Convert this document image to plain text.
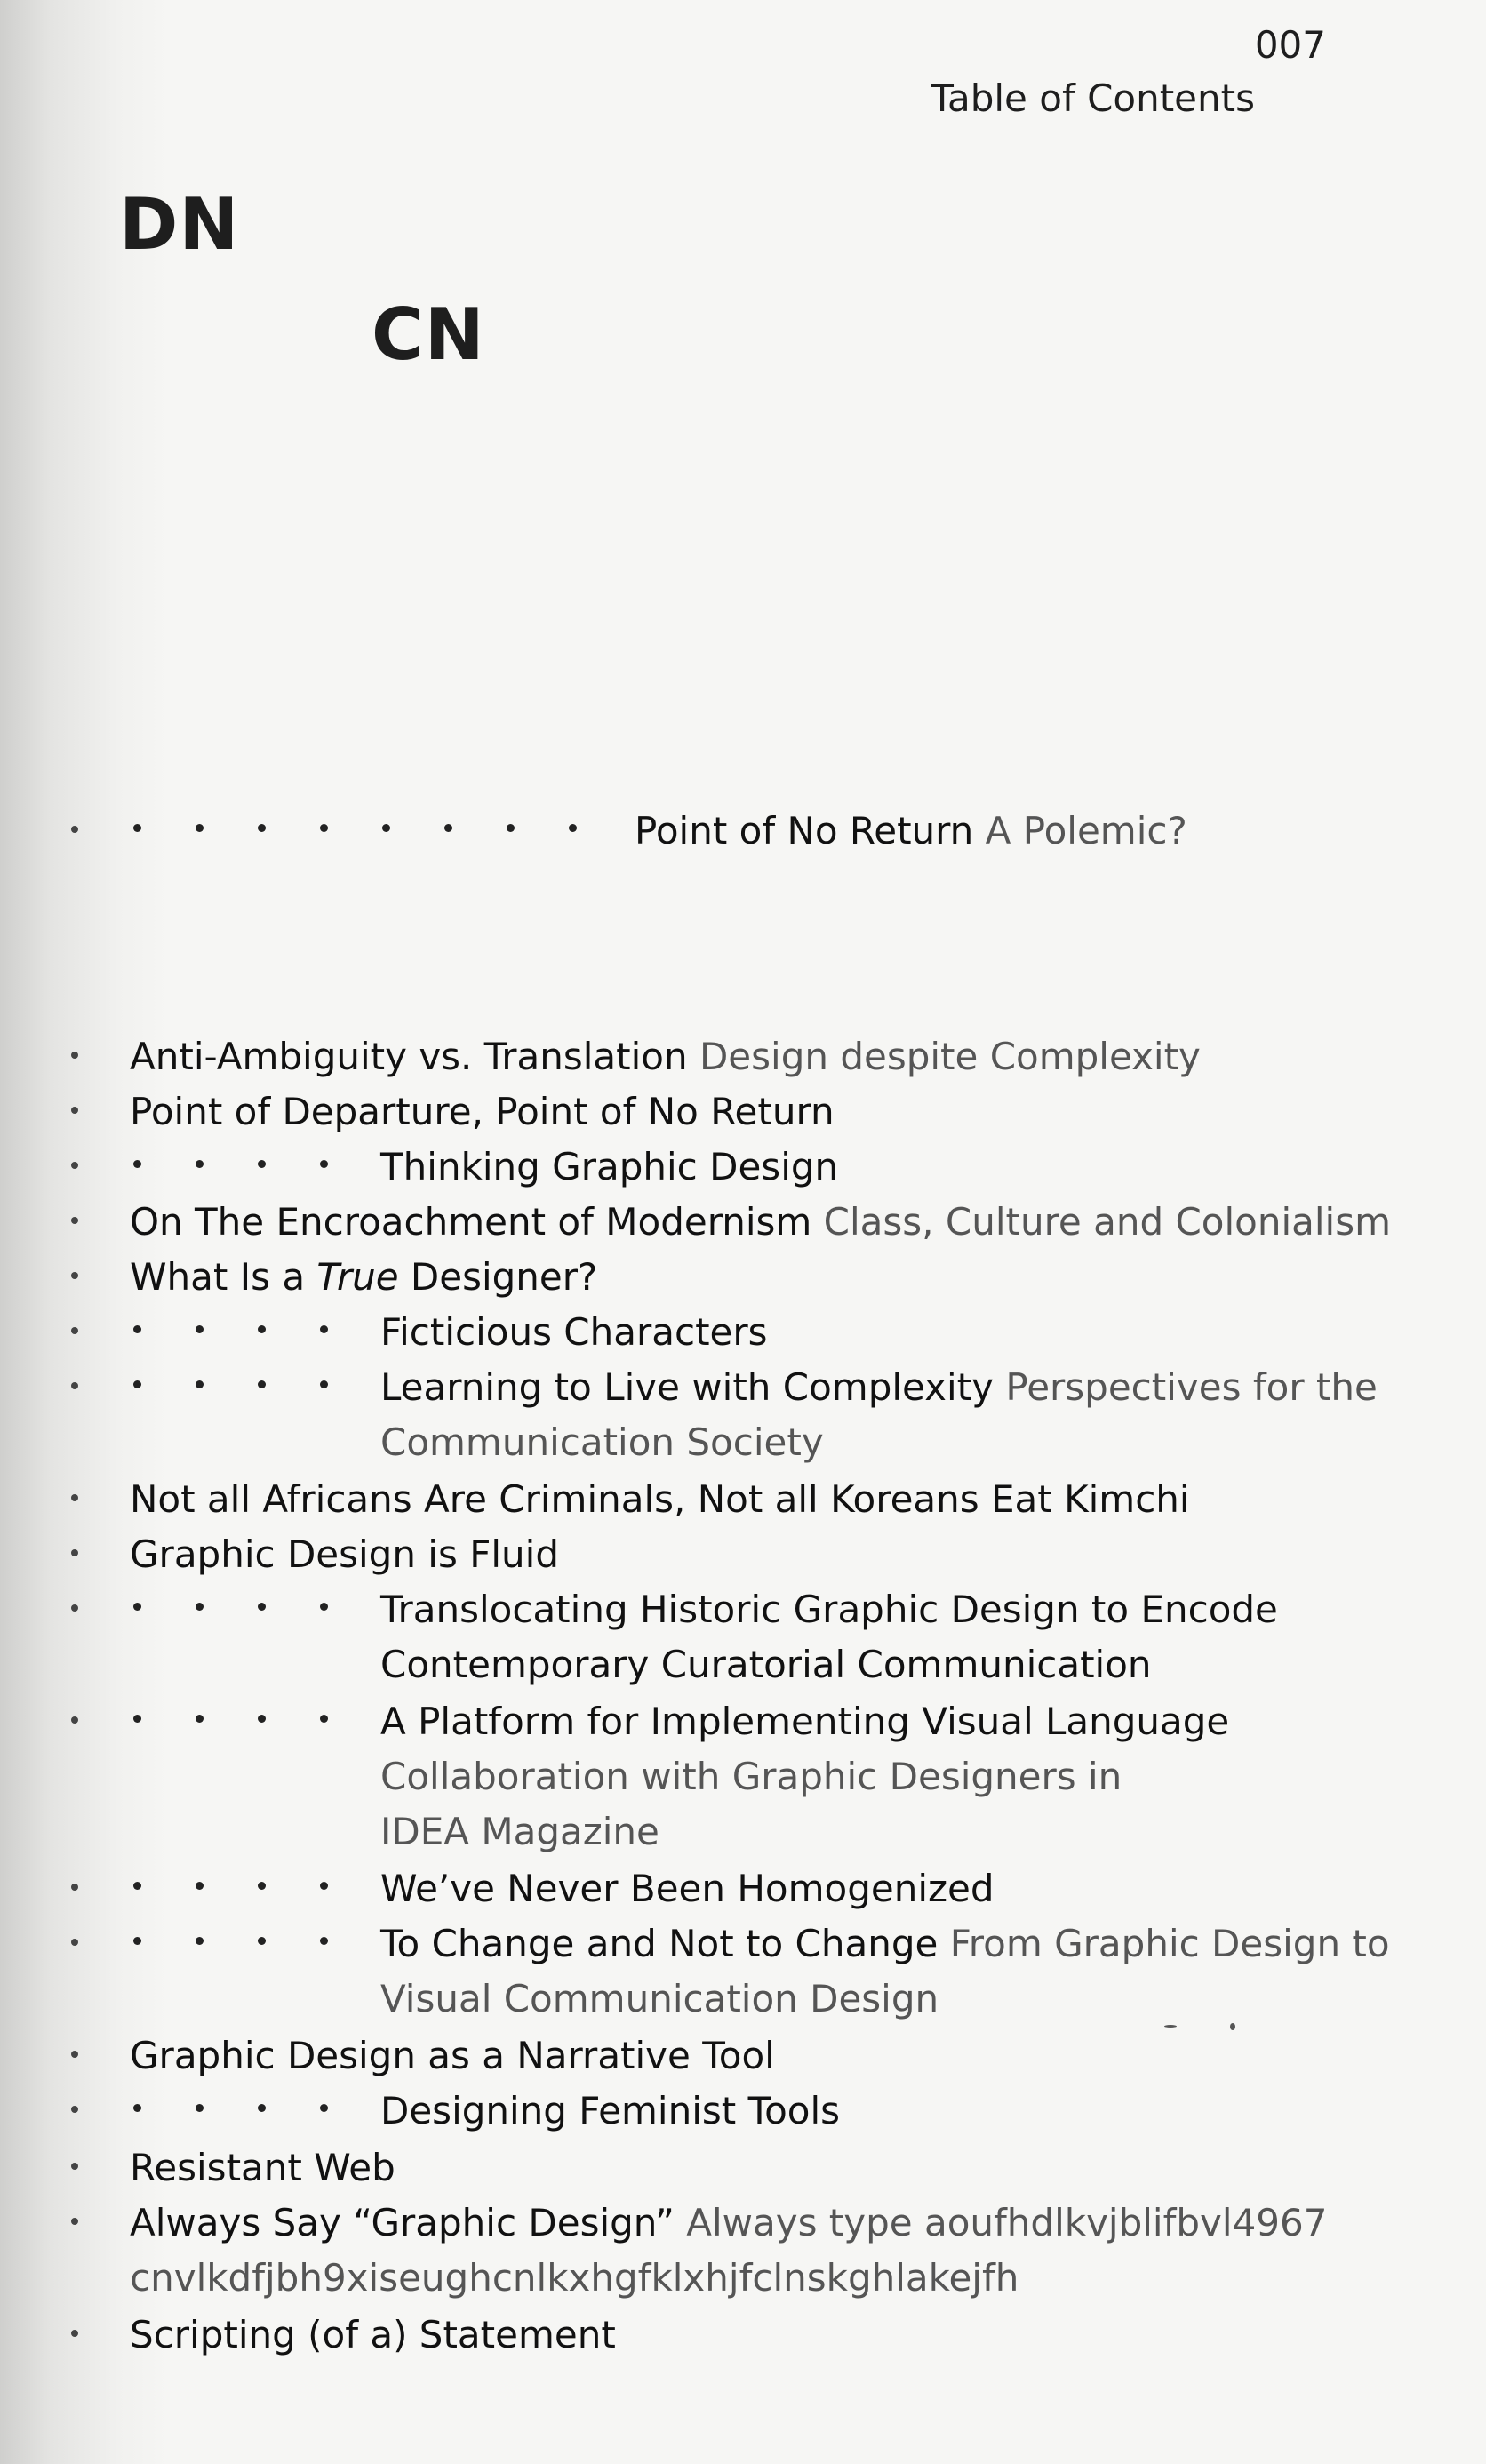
007
Table of Contents
DN
CN
Point of No Return A Polemic?
Anti-Ambiguity vs. Translation Design despite Complexity
Point of Departure, Point of No Return
Thinking Graphic Design
On The Encroachment of Modernism Class, Culture and Colonialism
What Is a True Designer?
Ficticious Characters
Learning to Live with Complexity Perspectives for the
Communication Society
Not all Africans Are Criminals, Not all Koreans Eat Kimchi
Graphic Design is Fluid
Translocating Historic Graphic Design to Encode
Contemporary Curatorial Communication
A Platform for Implementing Visual Language
Collaboration with Graphic Designers in
IDEA Magazine
We’ve Never Been Homogenized
To Change and Not to Change From Graphic Design to
Visual Communication Design
Graphic Design as a Narrative Tool
Designing Feminist Tools
Resistant Web
Always Say “Graphic Design” Always type aoufhdlkvjblifbvl4967
cnvlkdfjbh9xiseughcnlkxhgfklxhjfclnskghlakejfh
Scripting (of a) Statement
